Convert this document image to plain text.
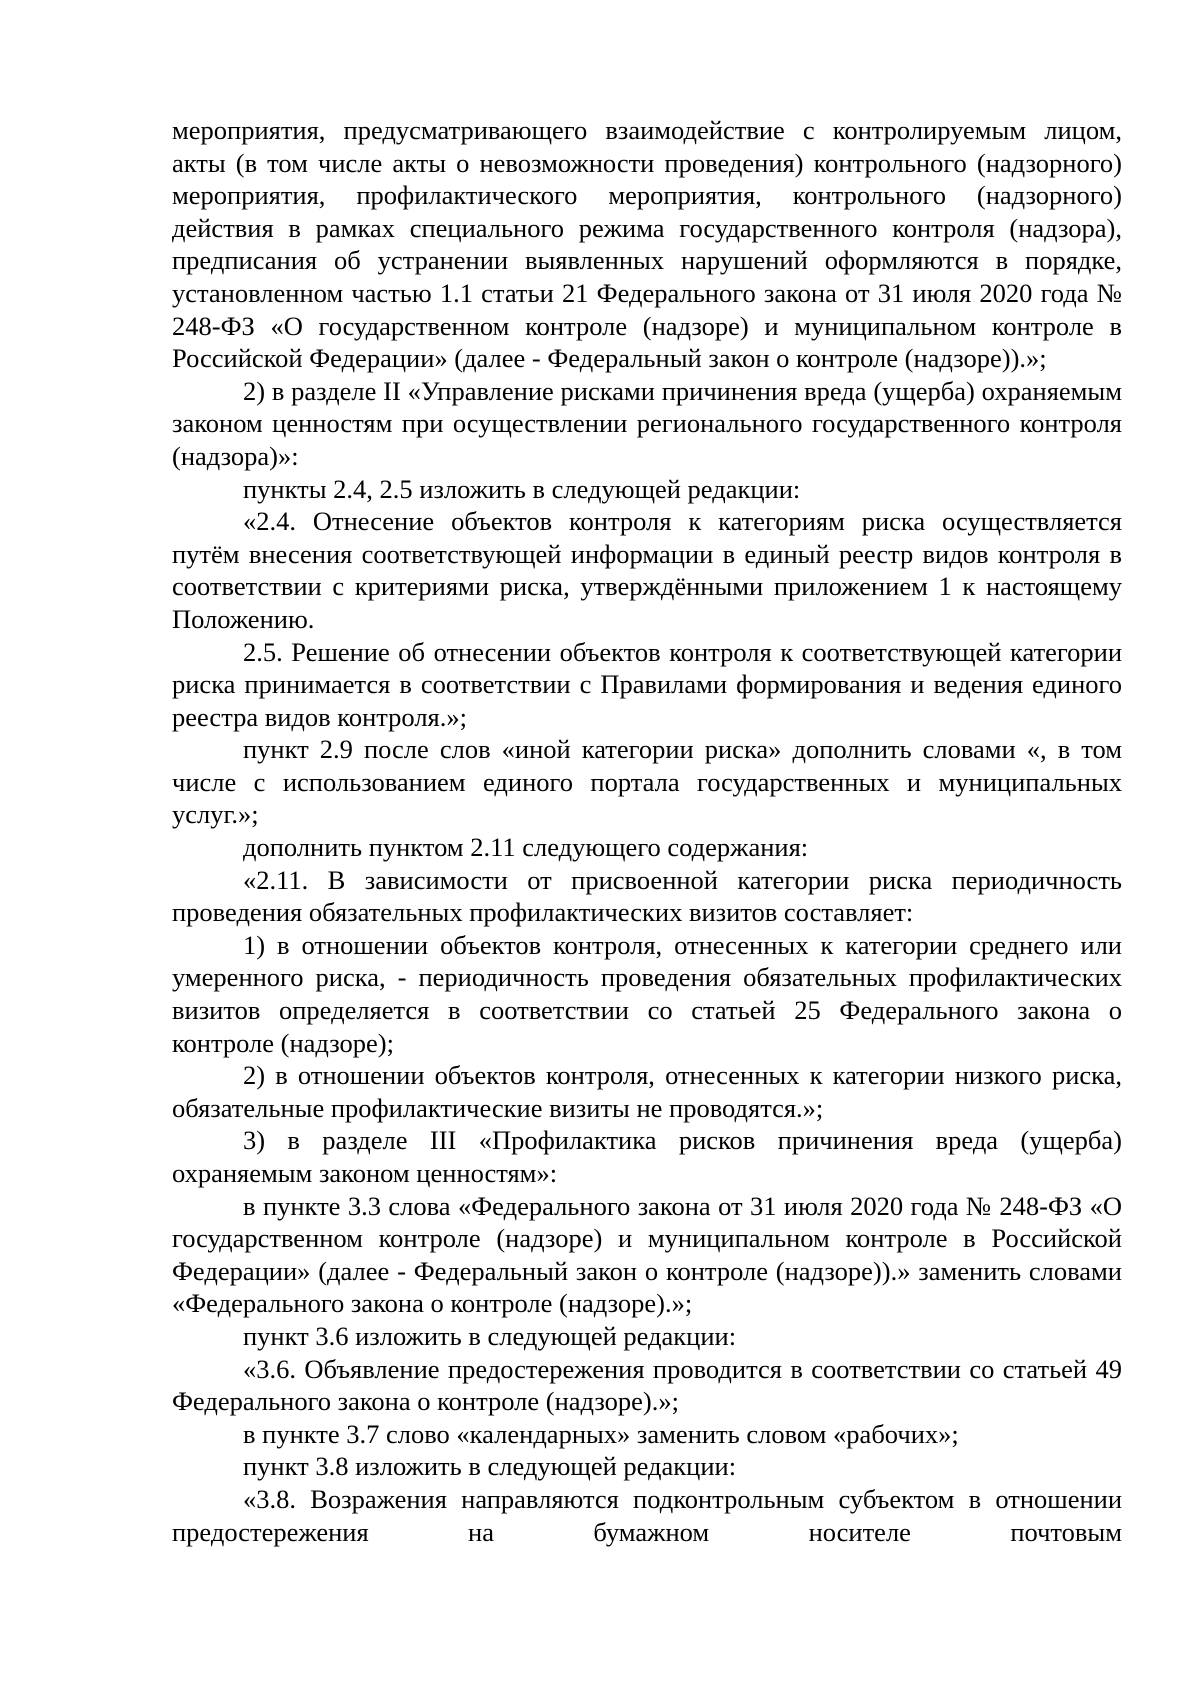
мероприятия, предусматривающего взаимодействие с контролируемым лицом, акты (в том числе акты о невозможности проведения) контрольного (надзорного) мероприятия, профилактического мероприятия, контрольного (надзорного) действия в рамках специального режима государственного контроля (надзора), предписания об устранении выявленных нарушений оформляются в порядке, установленном частью 1.1 статьи 21 Федерального закона от 31 июля 2020 года № 248-ФЗ «О государственном контроле (надзоре) и муниципальном контроле в Российской Федерации» (далее - Федеральный закон о контроле (надзоре)).»;

2) в разделе II «Управление рисками причинения вреда (ущерба) охраняемым законом ценностям при осуществлении регионального государственного контроля (надзора)»:

пункты 2.4, 2.5 изложить в следующей редакции:

«2.4. Отнесение объектов контроля к категориям риска осуществляется путём внесения соответствующей информации в единый реестр видов контроля в соответствии с критериями риска, утверждёнными приложением 1 к настоящему Положению.

2.5. Решение об отнесении объектов контроля к соответствующей категории риска принимается в соответствии с Правилами формирования и ведения единого реестра видов контроля.»;

пункт 2.9 после слов «иной категории риска» дополнить словами «, в том числе с использованием единого портала государственных и муниципальных услуг.»;

дополнить пунктом 2.11 следующего содержания:

«2.11. В зависимости от присвоенной категории риска периодичность проведения обязательных профилактических визитов составляет:

1) в отношении объектов контроля, отнесенных к категории среднего или умеренного риска, - периодичность проведения обязательных профилактических визитов определяется в соответствии со статьей 25 Федерального закона о контроле (надзоре);

2) в отношении объектов контроля, отнесенных к категории низкого риска, обязательные профилактические визиты не проводятся.»;

3) в разделе III «Профилактика рисков причинения вреда (ущерба) охраняемым законом ценностям»:

в пункте 3.3 слова «Федерального закона от 31 июля 2020 года № 248-ФЗ «О государственном контроле (надзоре) и муниципальном контроле в Российской Федерации» (далее - Федеральный закон о контроле (надзоре)).» заменить словами «Федерального закона о контроле (надзоре).»;

пункт 3.6 изложить в следующей редакции:

«3.6. Объявление предостережения проводится в соответствии со статьей 49 Федерального закона о контроле (надзоре).»;

в пункте 3.7 слово «календарных» заменить словом «рабочих»;

пункт 3.8 изложить в следующей редакции:

«3.8. Возражения направляются подконтрольным субъектом в отношении предостережения на бумажном носителе почтовым
